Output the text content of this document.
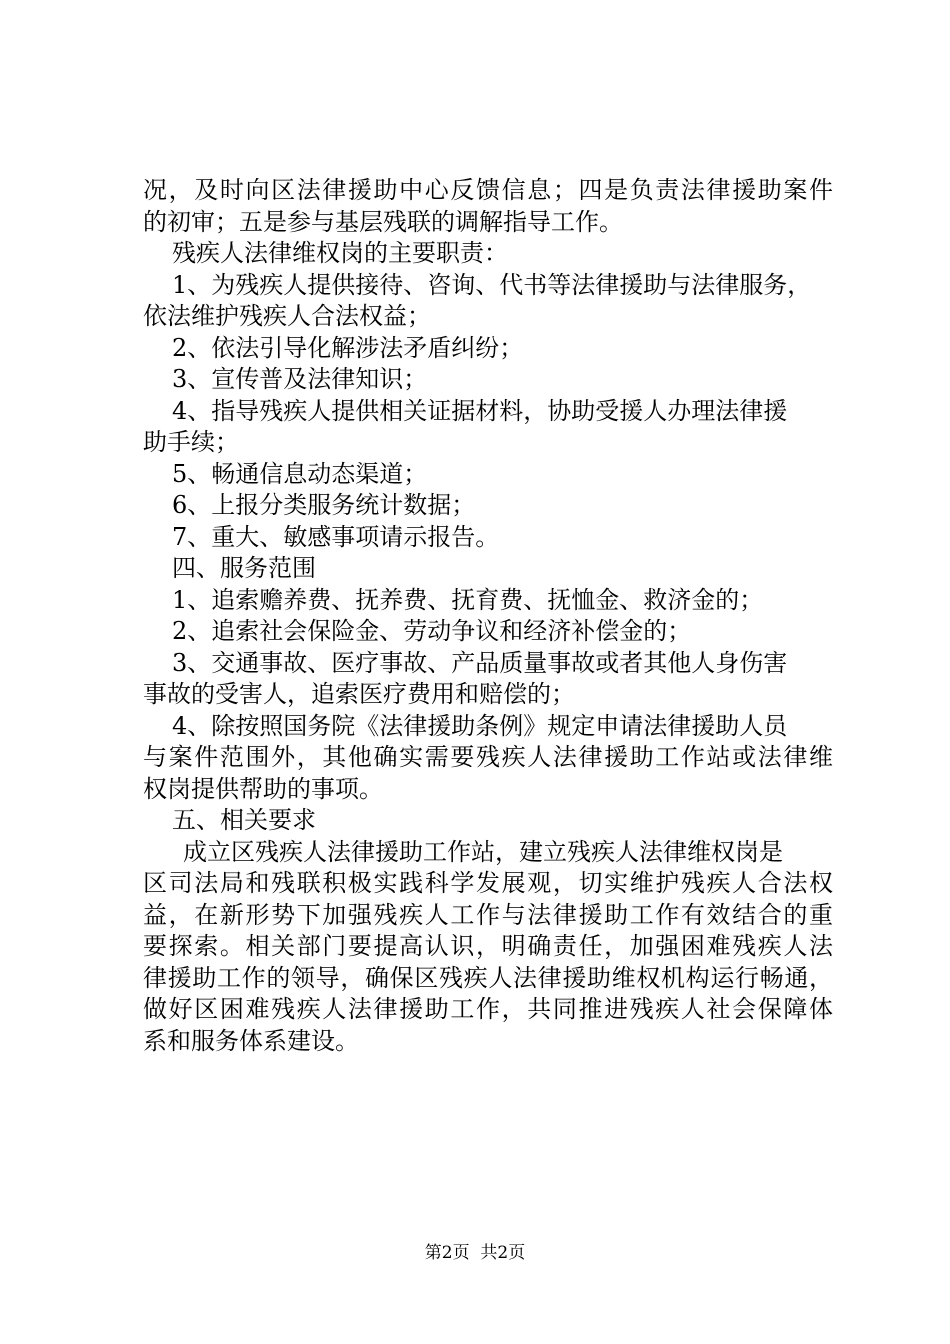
况，及时向区法律援助中心反馈信息；四是负责法律援助案件
的初审；五是参与基层残联的调解指导工作。
残疾人法律维权岗的主要职责：
1、为残疾人提供接待、咨询、代书等法律援助与法律服务，
依法维护残疾人合法权益；
2、依法引导化解涉法矛盾纠纷；
3、宣传普及法律知识；
4、指导残疾人提供相关证据材料，协助受援人办理法律援
助手续；
5、畅通信息动态渠道；
6、上报分类服务统计数据；
7、重大、敏感事项请示报告。
四、服务范围
1、追索赡养费、抚养费、抚育费、抚恤金、救济金的；
2、追索社会保险金、劳动争议和经济补偿金的；
3、交通事故、医疗事故、产品质量事故或者其他人身伤害
事故的受害人，追索医疗费用和赔偿的；
4、除按照国务院《法律援助条例》规定申请法律援助人员
与案件范围外，其他确实需要残疾人法律援助工作站或法律维
权岗提供帮助的事项。
五、相关要求
成立区残疾人法律援助工作站，建立残疾人法律维权岗是
区司法局和残联积极实践科学发展观，切实维护残疾人合法权
益，在新形势下加强残疾人工作与法律援助工作有效结合的重
要探索。相关部门要提高认识，明确责任，加强困难残疾人法
律援助工作的领导，确保区残疾人法律援助维权机构运行畅通，
做好区困难残疾人法律援助工作，共同推进残疾人社会保障体
系和服务体系建设。
第2页  共2页
